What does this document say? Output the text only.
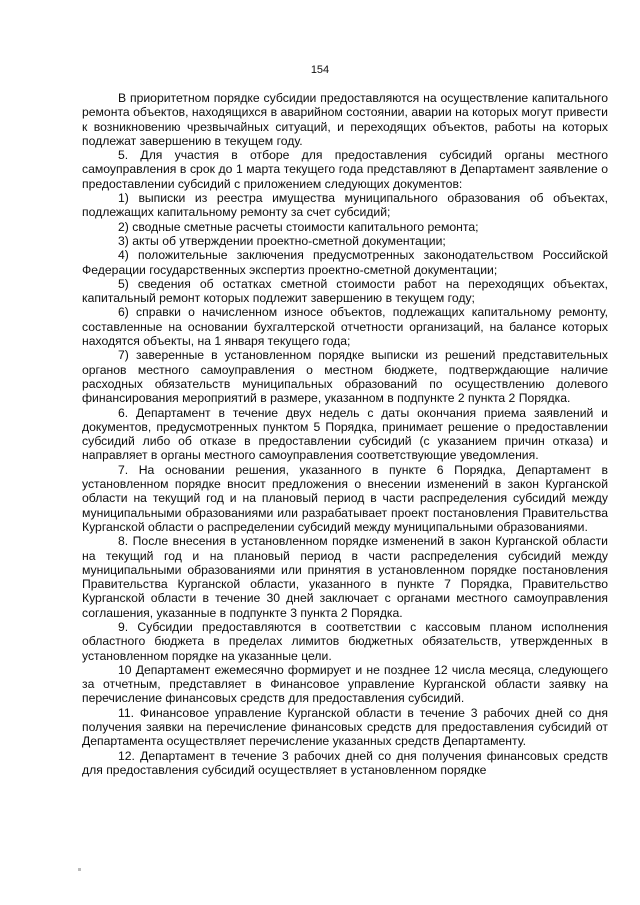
154

В приоритетном порядке субсидии предоставляются на осуществление капитального ремонта объектов, находящихся в аварийном состоянии, аварии на которых могут привести к возникновению чрезвычайных ситуаций, и переходящих объектов, работы на которых подлежат завершению в текущем году.

5. Для участия в отборе для предоставления субсидий органы местного самоуправления в срок до 1 марта текущего года представляют в Департамент заявление о предоставлении субсидий с приложением следующих документов:

1) выписки из реестра имущества муниципального образования об объектах, подлежащих капитальному ремонту за счет субсидий;

2) сводные сметные расчеты стоимости капитального ремонта;

3) акты об утверждении проектно-сметной документации;

4) положительные заключения предусмотренных законодательством Российской Федерации государственных экспертиз проектно-сметной документации;

5) сведения об остатках сметной стоимости работ на переходящих объектах, капитальный ремонт которых подлежит завершению в текущем году;

6) справки о начисленном износе объектов, подлежащих капитальному ремонту, составленные на основании бухгалтерской отчетности организаций, на балансе которых находятся объекты, на 1 января текущего года;

7) заверенные в установленном порядке выписки из решений представительных органов местного самоуправления о местном бюджете, подтверждающие наличие расходных обязательств муниципальных образований по осуществлению долевого финансирования мероприятий в размере, указанном в подпункте 2 пункта 2 Порядка.

6. Департамент в течение двух недель с даты окончания приема заявлений и документов, предусмотренных пунктом 5 Порядка, принимает решение о предоставлении субсидий либо об отказе в предоставлении субсидий (с указанием причин отказа) и направляет в органы местного самоуправления соответствующие уведомления.

7. На основании решения, указанного в пункте 6 Порядка, Департамент в установленном порядке вносит предложения о внесении изменений в закон Курганской области на текущий год и на плановый период в части распределения субсидий между муниципальными образованиями или разрабатывает проект постановления Правительства Курганской области о распределении субсидий между муниципальными образованиями.

8. После внесения в установленном порядке изменений в закон Курганской области на текущий год и на плановый период в части распределения субсидий между муниципальными образованиями или принятия в установленном порядке постановления Правительства Курганской области, указанного в пункте 7 Порядка, Правительство Курганской области в течение 30 дней заключает с органами местного самоуправления соглашения, указанные в подпункте 3 пункта 2 Порядка.

9. Субсидии предоставляются в соответствии с кассовым планом исполнения областного бюджета в пределах лимитов бюджетных обязательств, утвержденных в установленном порядке на указанные цели.

10 Департамент ежемесячно формирует и не позднее 12 числа месяца, следующего за отчетным, представляет в Финансовое управление Курганской области заявку на перечисление финансовых средств для предоставления субсидий.

11. Финансовое управление Курганской области в течение 3 рабочих дней со дня получения заявки на перечисление финансовых средств для предоставления субсидий от Департамента осуществляет перечисление указанных средств Департаменту.

12. Департамент в течение 3 рабочих дней со дня получения финансовых средств для предоставления субсидий осуществляет в установленном порядке
